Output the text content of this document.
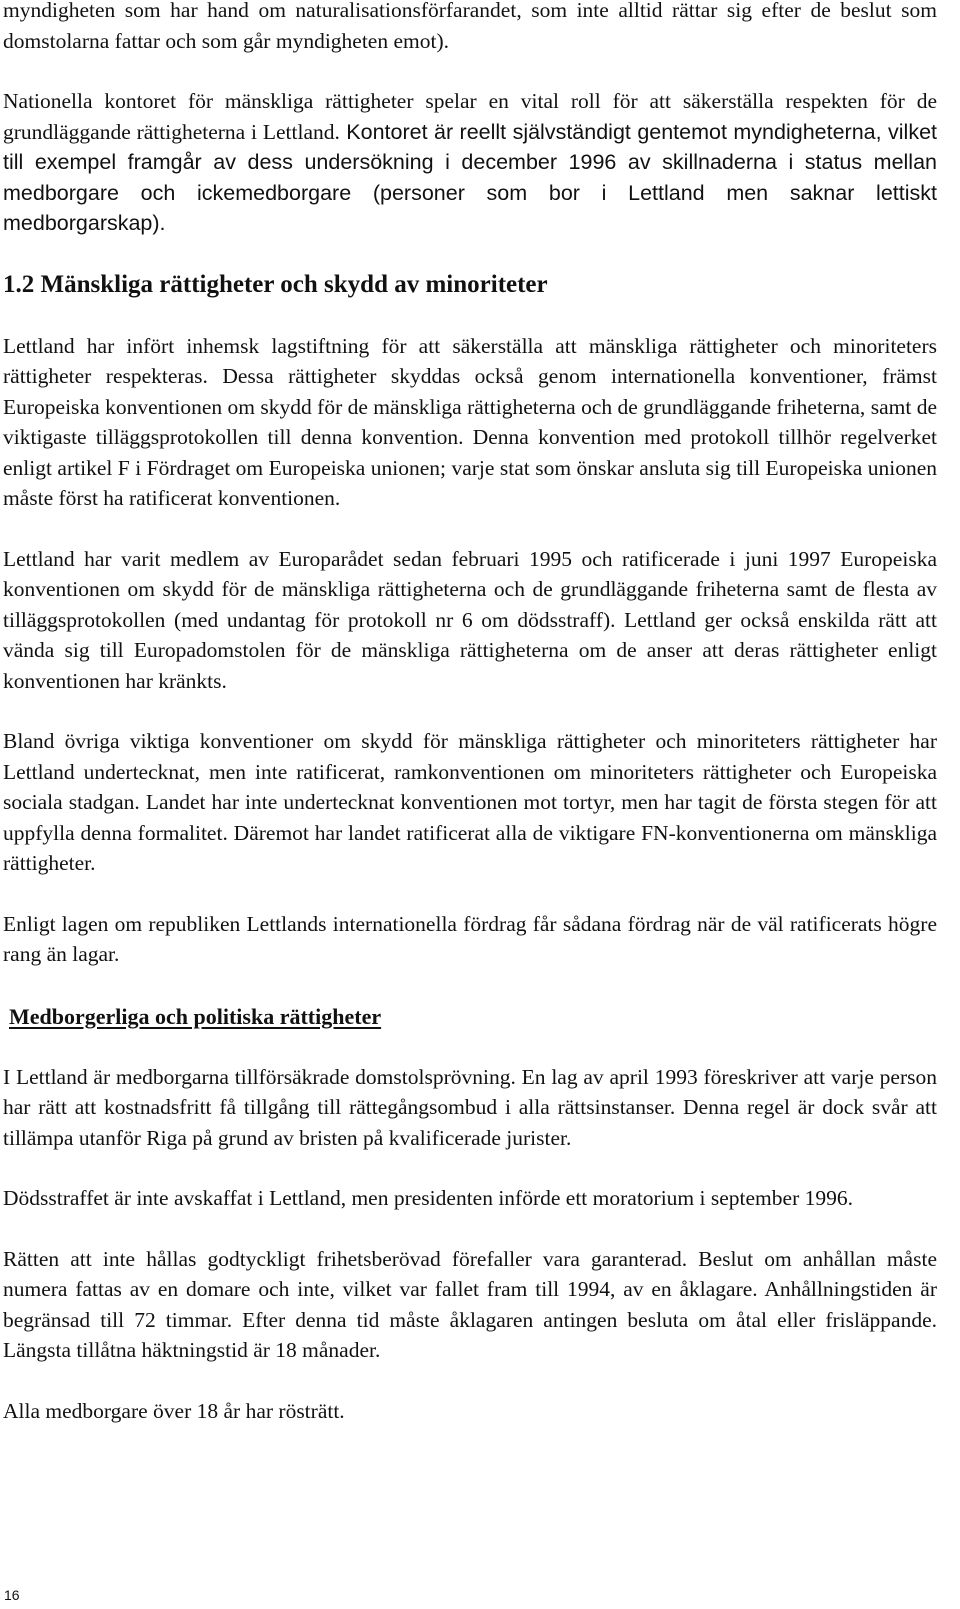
myndigheten som har hand om naturalisationsförfarandet, som inte alltid rättar sig efter de beslut som domstolarna fattar och som går myndigheten emot).

Nationella kontoret för mänskliga rättigheter spelar en vital roll för att säkerställa respekten för de grundläggande rättigheterna i Lettland. Kontoret är reellt självständigt gentemot myndigheterna, vilket till exempel framgår av dess undersökning i december 1996 av skillnaderna i status mellan medborgare och ickemedborgare (personer som bor i Lettland men saknar lettiskt medborgarskap).

1.2 Mänskliga rättigheter och skydd av minoriteter

Lettland har infört inhemsk lagstiftning för att säkerställa att mänskliga rättigheter och minoriteters rättigheter respekteras. Dessa rättigheter skyddas också genom internationella konventioner, främst Europeiska konventionen om skydd för de mänskliga rättigheterna och de grundläggande friheterna, samt de viktigaste tilläggsprotokollen till denna konvention. Denna konvention med protokoll tillhör regelverket enligt artikel F i Fördraget om Europeiska unionen; varje stat som önskar ansluta sig till Europeiska unionen måste först ha ratificerat konventionen.

Lettland har varit medlem av Europarådet sedan februari 1995 och ratificerade i juni 1997 Europeiska konventionen om skydd för de mänskliga rättigheterna och de grundläggande friheterna samt de flesta av tilläggsprotokollen (med undantag för protokoll nr 6 om dödsstraff). Lettland ger också enskilda rätt att vända sig till Europadomstolen för de mänskliga rättigheterna om de anser att deras rättigheter enligt konventionen har kränkts.

Bland övriga viktiga konventioner om skydd för mänskliga rättigheter och minoriteters rättigheter har Lettland undertecknat, men inte ratificerat, ramkonventionen om minoriteters rättigheter och Europeiska sociala stadgan. Landet har inte undertecknat konventionen mot tortyr, men har tagit de första stegen för att uppfylla denna formalitet. Däremot har landet ratificerat alla de viktigare FN-konventionerna om mänskliga rättigheter.

Enligt lagen om republiken Lettlands internationella fördrag får sådana fördrag när de väl ratificerats högre rang än lagar.

Medborgerliga och politiska rättigheter

I Lettland är medborgarna tillförsäkrade domstolsprövning. En lag av april 1993 föreskriver att varje person har rätt att kostnadsfritt få tillgång till rättegångsombud i alla rättsinstanser. Denna regel är dock svår att tillämpa utanför Riga på grund av bristen på kvalificerade jurister.

Dödsstraffet är inte avskaffat i Lettland, men presidenten införde ett moratorium i september 1996.

Rätten att inte hållas godtyckligt frihetsberövad förefaller vara garanterad. Beslut om anhållan måste numera fattas av en domare och inte, vilket var fallet fram till 1994, av en åklagare. Anhållningstiden är begränsad till 72 timmar. Efter denna tid måste åklagaren antingen besluta om åtal eller frisläppande. Längsta tillåtna häktningstid är 18 månader.

Alla medborgare över 18 år har rösträtt.

16
